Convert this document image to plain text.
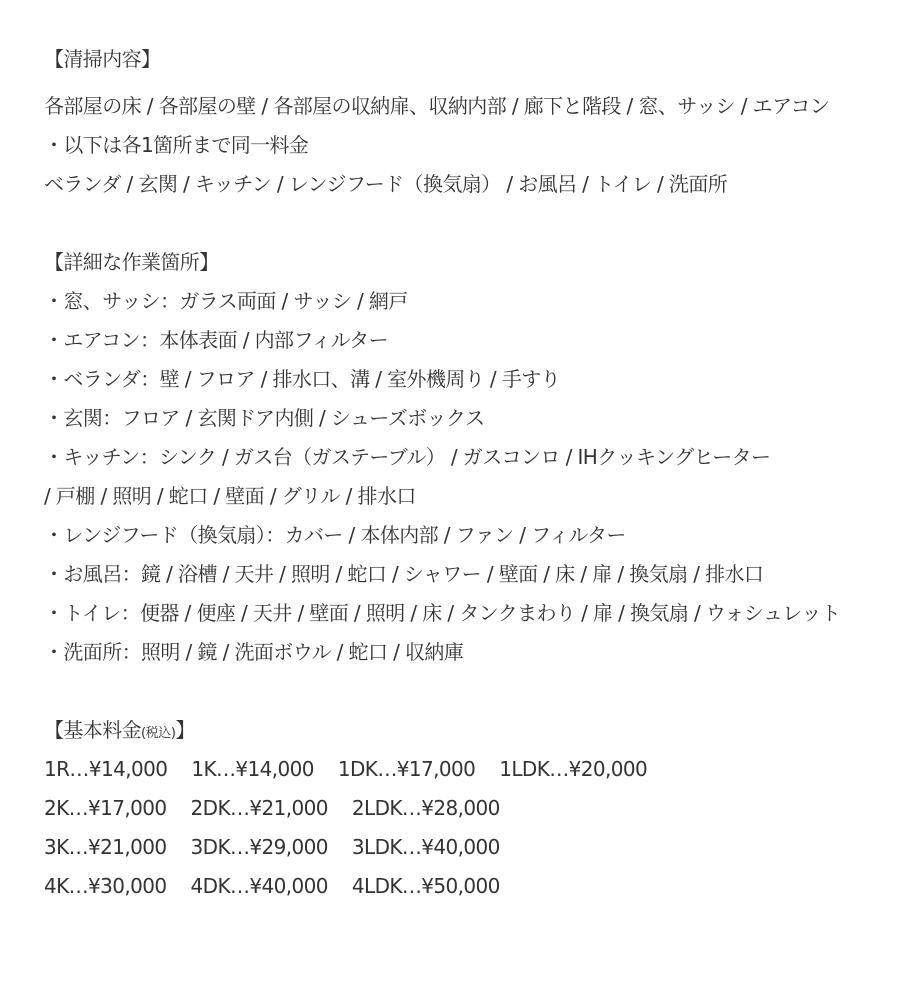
【清掃内容】
各部屋の床 / 各部屋の壁 / 各部屋の収納扉、収納内部 / 廊下と階段 / 窓、サッシ / エアコン
・以下は各1箇所まで同一料金
ベランダ / 玄関 / キッチン / レンジフード（換気扇） / お風呂 / トイレ / 洗面所
【詳細な作業箇所】
・窓、サッシ：ガラス両面 / サッシ / 網戸
・エアコン：本体表面 / 内部フィルター
・ベランダ：壁 / フロア / 排水口、溝 / 室外機周り / 手すり
・玄関：フロア / 玄関ドア内側 / シューズボックス
・キッチン：シンク / ガス台（ガステーブル） / ガスコンロ / IHクッキングヒーター
/ 戸棚 / 照明 / 蛇口 / 壁面 / グリル / 排水口
・レンジフード（換気扇）：カバー / 本体内部 / ファン / フィルター
・お風呂：鏡 / 浴槽 / 天井 / 照明 / 蛇口 / シャワー / 壁面 / 床 / 扉 / 換気扇 / 排水口
・トイレ：便器 / 便座 / 天井 / 壁面 / 照明 / 床 / タンクまわり / 扉 / 換気扇 / ウォシュレット
・洗面所：照明 / 鏡 / 洗面ボウル / 蛇口 / 収納庫
【基本料金(税込)】
1R…¥14,000 1K…¥14,000 1DK…¥17,000 1LDK…¥20,000
2K…¥17,000 2DK…¥21,000 2LDK…¥28,000
3K…¥21,000 3DK…¥29,000 3LDK…¥40,000
4K…¥30,000 4DK…¥40,000 4LDK…¥50,000
